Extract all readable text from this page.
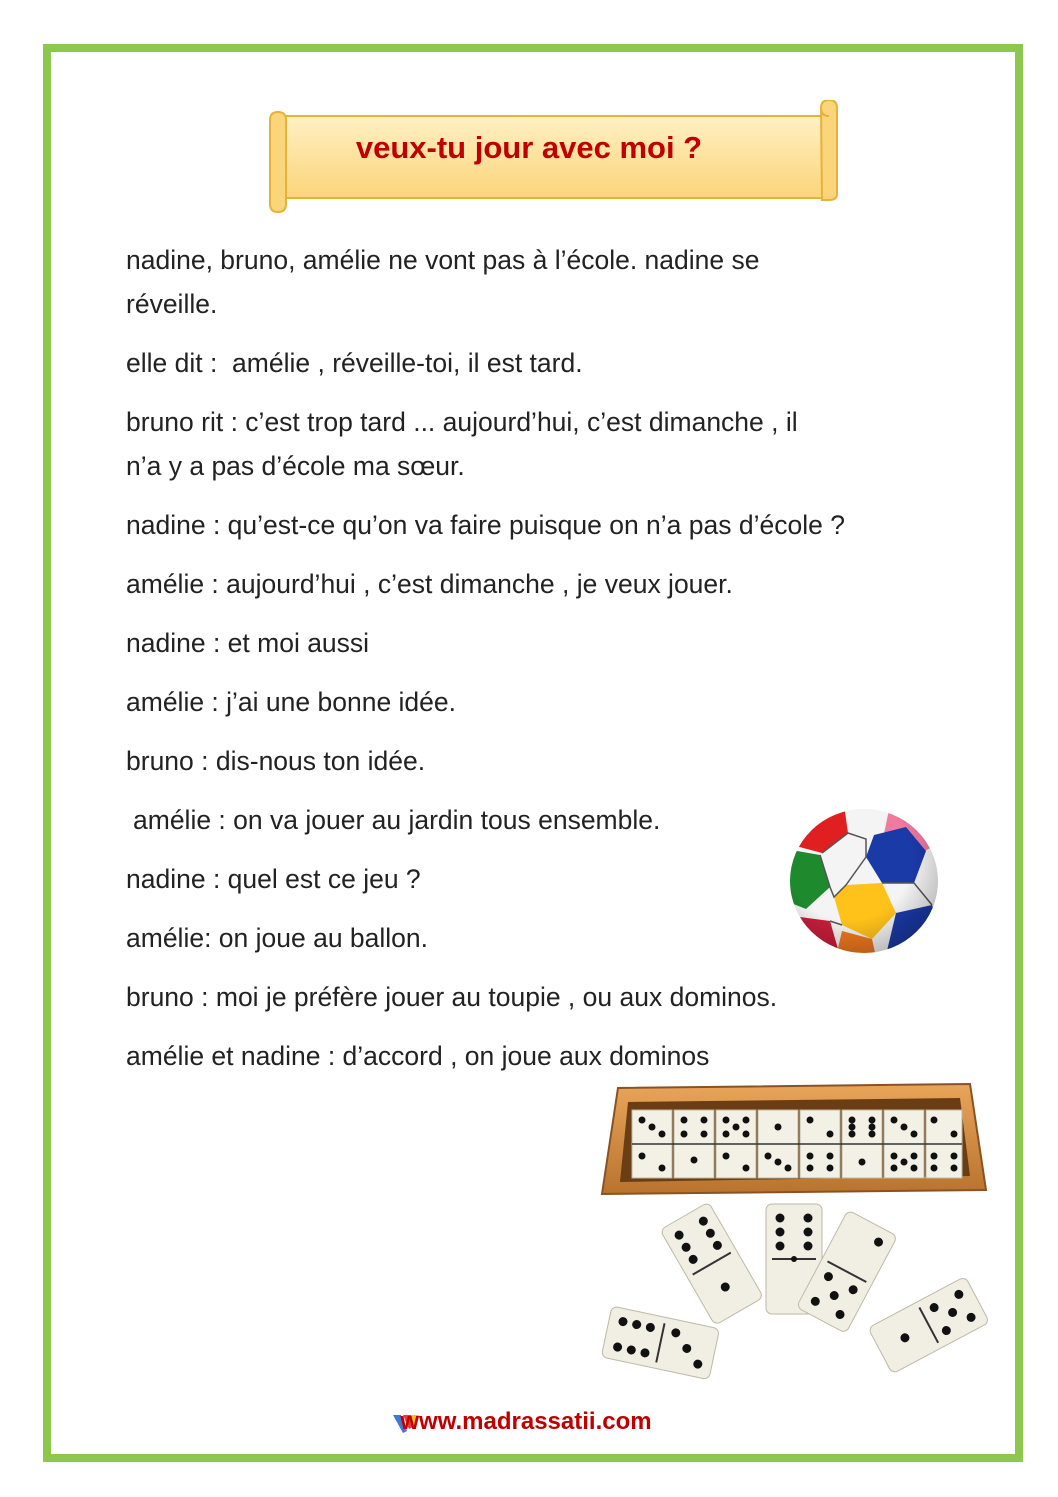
veux-tu jour avec moi ?

nadine, bruno, amélie ne vont pas à l’école. nadine se
réveille.

elle dit :  amélie , réveille-toi, il est tard.

bruno rit : c’est trop tard ... aujourd’hui, c’est dimanche , il
n’a y a pas d’école ma sœur.

nadine : qu’est-ce qu’on va faire puisque on n’a pas d’école ?

amélie : aujourd’hui , c’est dimanche , je veux jouer.

nadine : et moi aussi

amélie : j’ai une bonne idée.

bruno : dis-nous ton idée.

amélie : on va jouer au jardin tous ensemble.

nadine : quel est ce jeu ?

amélie: on joue au ballon.

bruno : moi je préfère jouer au toupie , ou aux dominos.

amélie et nadine : d’accord , on joue aux dominos

www.madrassatii.com
